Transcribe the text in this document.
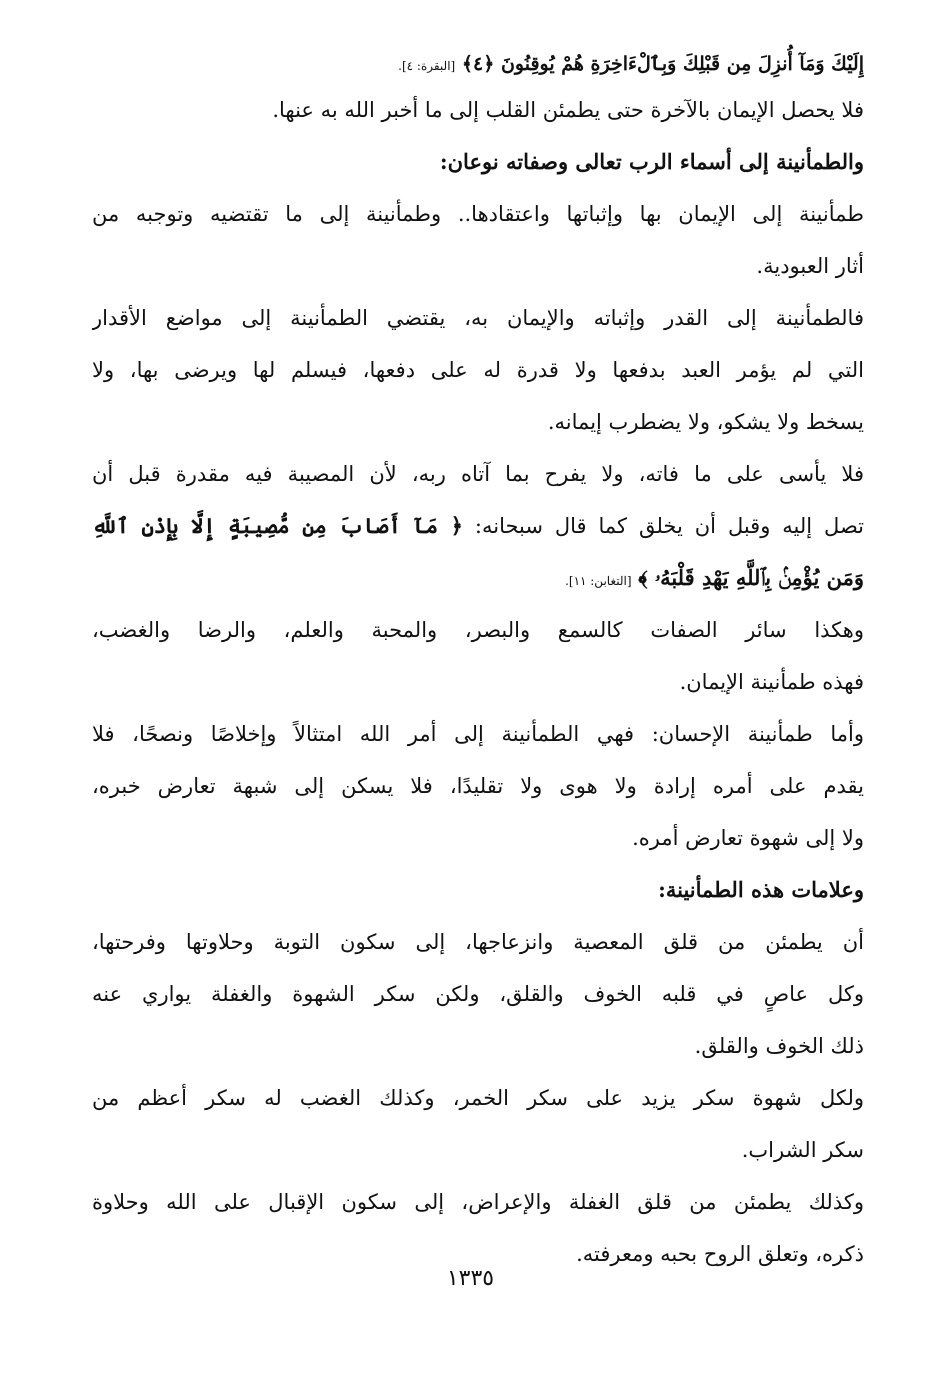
إِلَيْكَ وَمَآ أُنزِلَ مِن قَبْلِكَ وَبِٱلْءَاخِرَةِ هُمْ يُوقِنُونَ ﴿٤﴾ [البقرة: ٤].
فلا يحصل الإيمان بالآخرة حتى يطمئن القلب إلى ما أخبر الله به عنها.
والطمأنينة إلى أسماء الرب تعالى وصفاته نوعان:
طمأنينة إلى الإيمان بها وإثباتها واعتقادها.. وطمأنينة إلى ما تقتضيه وتوجبه من
أثار العبودية.
فالطمأنينة إلى القدر وإثباته والإيمان به، يقتضي الطمأنينة إلى مواضع الأقدار
التي لم يؤمر العبد بدفعها ولا قدرة له على دفعها، فيسلم لها ويرضى بها، ولا
يسخط ولا يشكو، ولا يضطرب إيمانه.
فلا يأسى على ما فاته، ولا يفرح بما آتاه ربه، لأن المصيبة فيه مقدرة قبل أن
تصل إليه وقبل أن يخلق كما قال سبحانه: ﴿ مَآ أَصَابَ مِن مُّصِيبَةٍ إِلَّا بِإِذْنِ ٱللَّهِ
وَمَن يُؤْمِنۢ بِٱللَّهِ يَهْدِ قَلْبَهُۥ ﴾ [التغابن: ١١].
وهكذا سائر الصفات كالسمع والبصر، والمحبة والعلم، والرضا والغضب،
فهذه طمأنينة الإيمان.
وأما طمأنينة الإحسان: فهي الطمأنينة إلى أمر الله امتثالاً وإخلاصًا ونصحًا، فلا
يقدم على أمره إرادة ولا هوى ولا تقليدًا، فلا يسكن إلى شبهة تعارض خبره،
ولا إلى شهوة تعارض أمره.
وعلامات هذه الطمأنينة:
أن يطمئن من قلق المعصية وانزعاجها، إلى سكون التوبة وحلاوتها وفرحتها،
وكل عاصٍ في قلبه الخوف والقلق، ولكن سكر الشهوة والغفلة يواري عنه
ذلك الخوف والقلق.
ولكل شهوة سكر يزيد على سكر الخمر، وكذلك الغضب له سكر أعظم من
سكر الشراب.
وكذلك يطمئن من قلق الغفلة والإعراض، إلى سكون الإقبال على الله وحلاوة
ذكره، وتعلق الروح بحبه ومعرفته.
١٣٣٥
